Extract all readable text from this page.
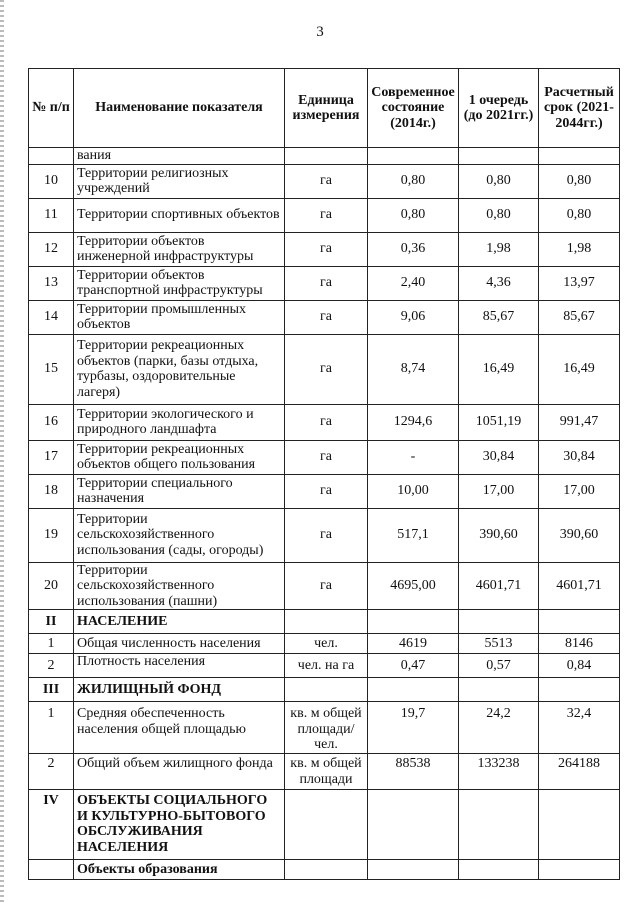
3
№ п/п	Наименование показателя	Единица измерения	Современное состояние (2014г.)	1 очередь (до 2021гг.)	Расчетный срок (2021-2044гг.)
	вания				
10	Территории религиозных учреждений	га	0,80	0,80	0,80
11	Территории спортивных объектов	га	0,80	0,80	0,80
12	Территории объектов инженерной инфраструктуры	га	0,36	1,98	1,98
13	Территории объектов транспортной инфраструктуры	га	2,40	4,36	13,97
14	Территории промышленных объектов	га	9,06	85,67	85,67
15	Территории рекреационных объектов (парки, базы отдыха, турбазы, оздоровительные лагеря)	га	8,74	16,49	16,49
16	Территории экологического и природного ландшафта	га	1294,6	1051,19	991,47
17	Территории рекреационных объектов общего пользования	га	-	30,84	30,84
18	Территории специального назначения	га	10,00	17,00	17,00
19	Территории сельскохозяйственного использования (сады, огороды)	га	517,1	390,60	390,60
20	Территории сельскохозяйственного использования (пашни)	га	4695,00	4601,71	4601,71
II	НАСЕЛЕНИЕ				
1	Общая численность населения	чел.	4619	5513	8146
2	Плотность населения	чел. на га	0,47	0,57	0,84
III	ЖИЛИЩНЫЙ ФОНД				
1	Средняя обеспеченность населения общей площадью	кв. м общей площади/чел.	19,7	24,2	32,4
2	Общий объем жилищного фонда	кв. м общей площади	88538	133238	264188
IV	ОБЪЕКТЫ СОЦИАЛЬНОГО И КУЛЬТУРНО-БЫТОВОГО ОБСЛУЖИВАНИЯ НАСЕЛЕНИЯ				
	Объекты образования				
